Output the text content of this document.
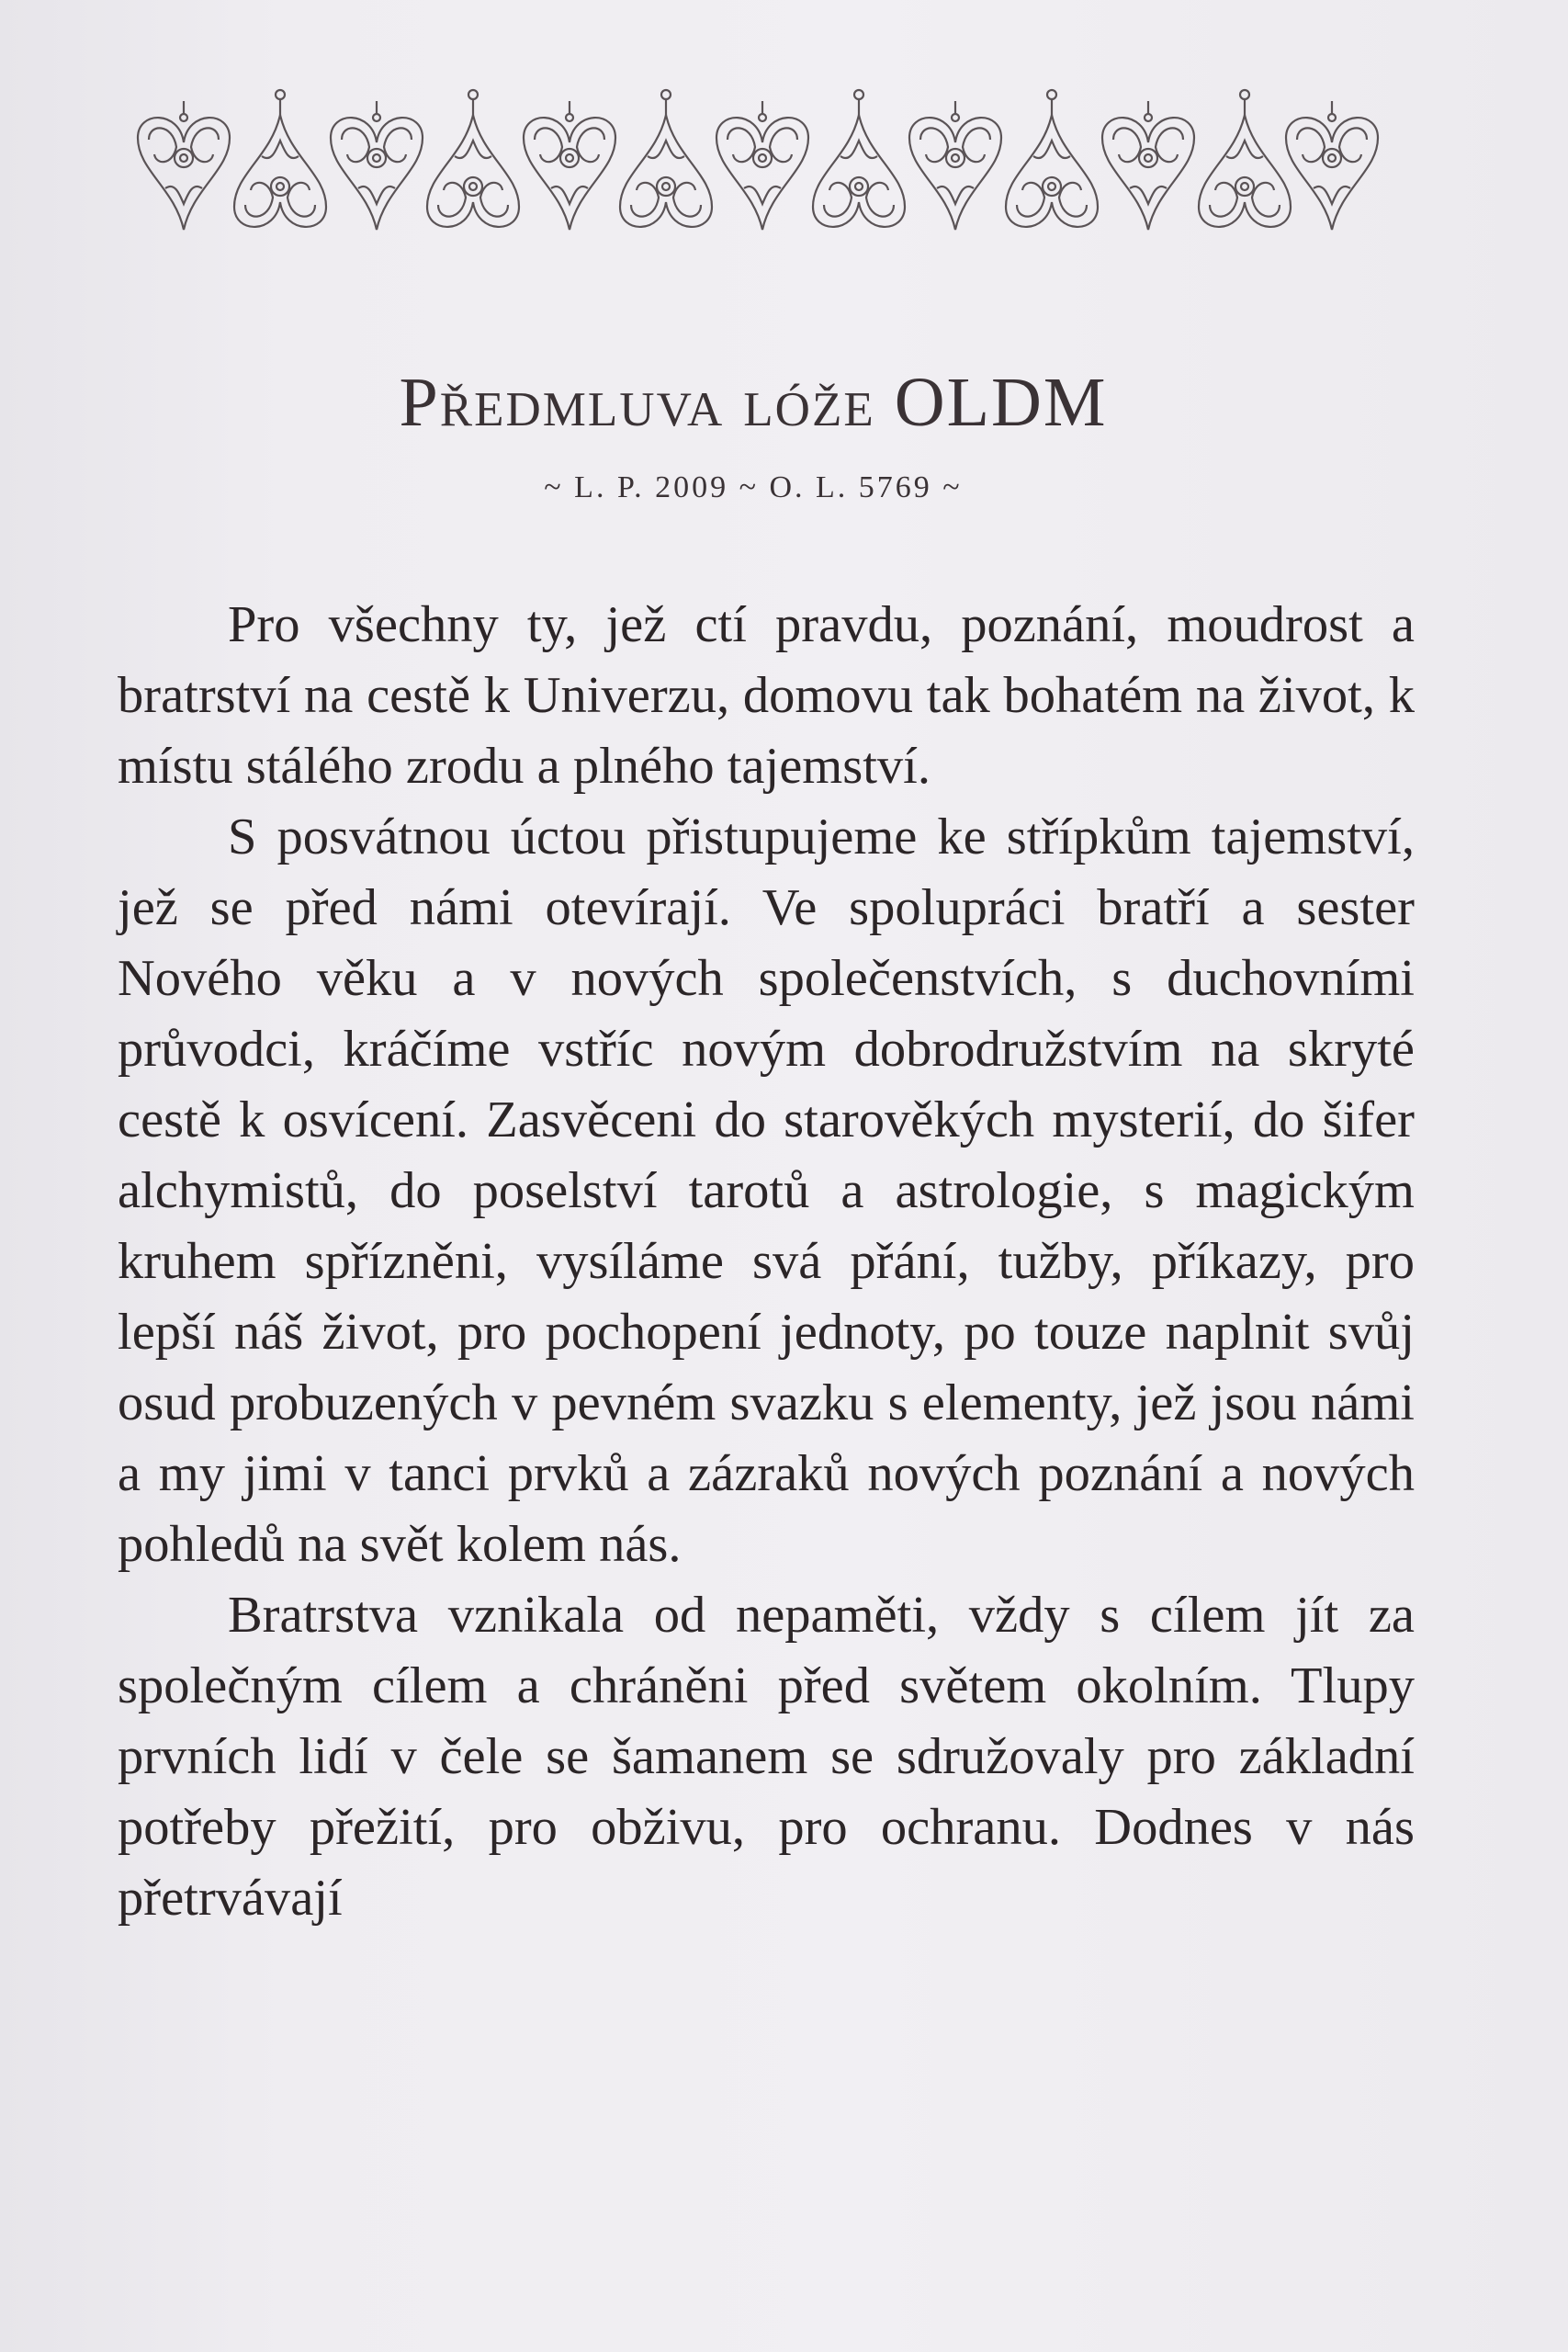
Předmluva lóže OLDM
~ L. P. 2009 ~ O. L. 5769 ~

Pro všechny ty, jež ctí pravdu, poznání, moudrost a bratrství na cestě k Univerzu, domovu tak bohatém na život, k místu stálého zrodu a plného tajemství.

S posvátnou úctou přistupujeme ke střípkům tajemství, jež se před námi otevírají. Ve spolupráci bratří a sester Nového věku a v nových společenstvích, s duchovními průvodci, kráčíme vstříc novým dobrodružstvím na skryté cestě k osvícení. Zasvěceni do starověkých mysterií, do šifer alchymistů, do poselství tarotů a astrologie, s magickým kruhem spřízněni, vysíláme svá přání, tužby, příkazy, pro lepší náš život, pro pochopení jednoty, po touze naplnit svůj osud probuzených v pevném svazku s elementy, jež jsou námi a my jimi v tanci prvků a zázraků nových poznání a nových pohledů na svět kolem nás.

Bratrstva vznikala od nepaměti, vždy s cílem jít za společným cílem a chráněni před světem okolním. Tlupy prvních lidí v čele se šamanem se sdružovaly pro základní potřeby přežití, pro obživu, pro ochranu. Dodnes v nás přetrvávají
